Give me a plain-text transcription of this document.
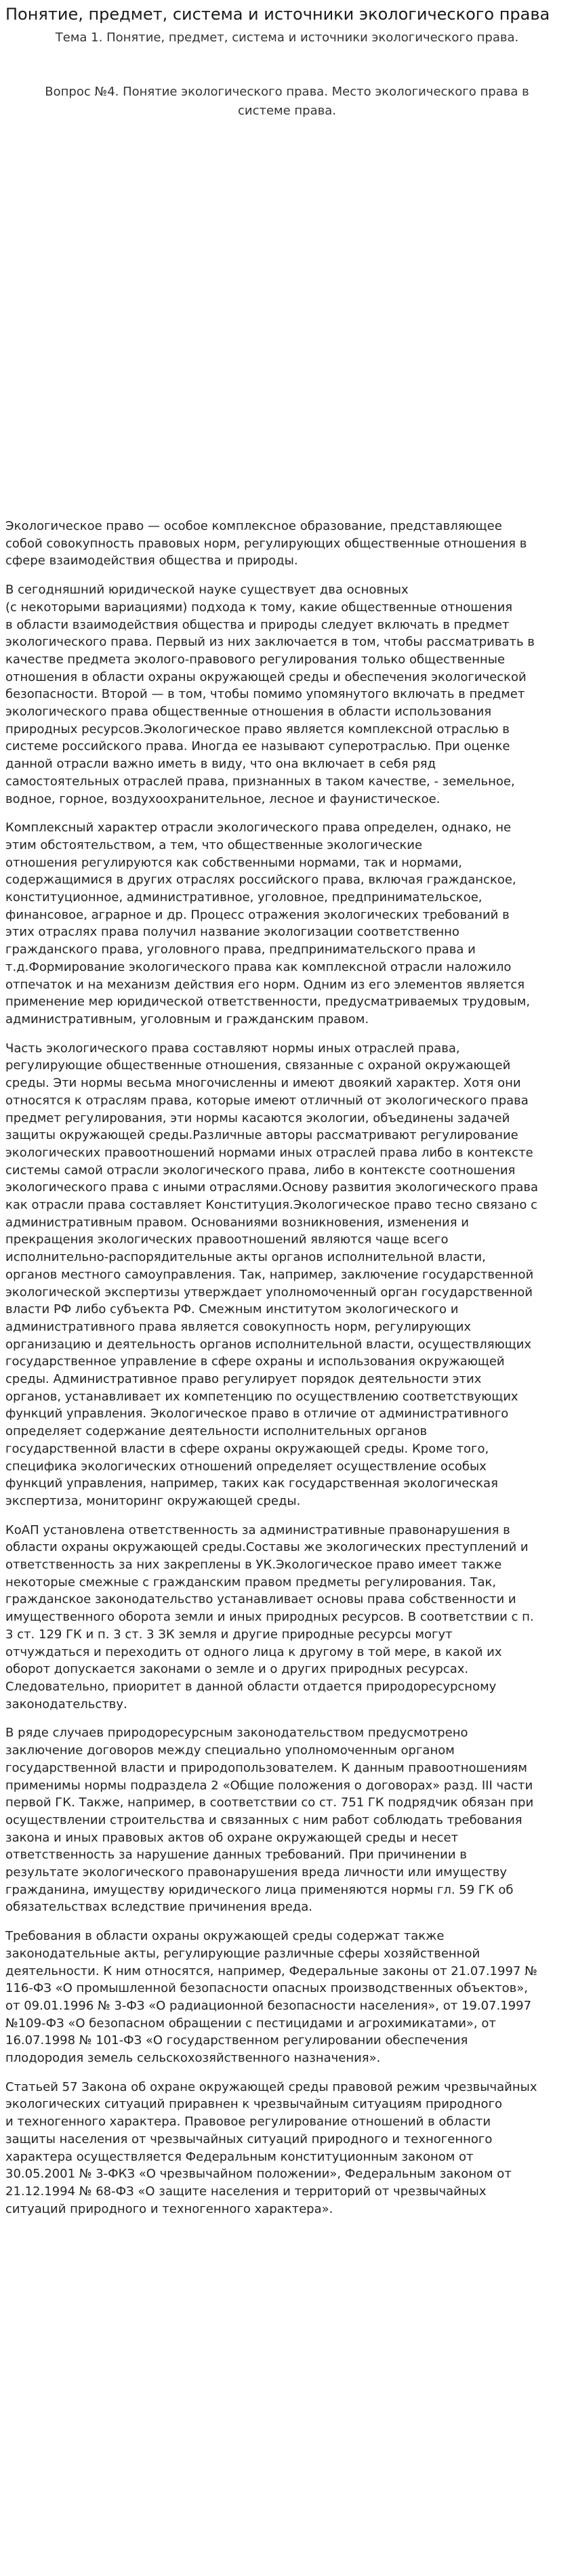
Понятие, предмет, система и источники экологического права
Тема 1. Понятие, предмет, система и источники экологического права.
Вопрос №4. Понятие экологического права. Место экологического права в системе права.

Экологическое право — особое комплексное образование, представляющее
собой совокупность правовых норм, регулирующих общественные отношения в
сфере взаимодействия общества и природы.

В сегодняшний юридической науке существует два основных
(с некоторыми вариациями) подхода к тому, какие общественные отношения
в области взаимодействия общества и природы следует включать в предмет
экологического права. Первый из них заключается в том, чтобы рассматривать в
качестве предмета эколого-правового регулирования только общественные
отношения в области охраны окружающей среды и обеспечения экологической
безопасности. Второй — в том, чтобы помимо упомянутого включать в предмет
экологического права общественные отношения в области использования
природных ресурсов.Экологическое право является комплексной отраслью в
системе российского права. Иногда ее называют суперотраслью. При оценке
данной отрасли важно иметь в виду, что она включает в себя ряд
самостоятельных отраслей права, признанных в таком качестве, - земельное,
водное, горное, воздухоохранительное, лесное и фаунистическое.

Комплексный характер отрасли экологического права определен, однако, не
этим обстоятельством, а тем, что общественные экологические
отношения регулируются как собственными нормами, так и нормами,
содержащимися в других отраслях российского права, включая гражданское,
конституционное, административное, уголовное, предпринимательское,
финансовое, аграрное и др. Процесс отражения экологических требований в
этих отраслях права получил название экологизации соответственно
гражданского права, уголовного права, предпринимательского права и
т.д.Формирование экологического права как комплексной отрасли наложило
отпечаток и на механизм действия его норм. Одним из его элементов является
применение мер юридической ответственности, предусматриваемых трудовым,
административным, уголовным и гражданским правом.

Часть экологического права составляют нормы иных отраслей права,
регулирующие общественные отношения, связанные с охраной окружающей
среды. Эти нормы весьма многочисленны и имеют двоякий характер. Хотя они
относятся к отраслям права, которые имеют отличный от экологического права
предмет регулирования, эти нормы касаются экологии, объединены задачей
защиты окружающей среды.Различные авторы рассматривают регулирование
экологических правоотношений нормами иных отраслей права либо в контексте
системы самой отрасли экологического права, либо в контексте соотношения
экологического права с иными отраслями.Основу развития экологического права
как отрасли права составляет Конституция.Экологическое право тесно связано с
административным правом. Основаниями возникновения, изменения и
прекращения экологических правоотношений являются чаще всего
исполнительно-распорядительные акты органов исполнительной власти,
органов местного самоуправления. Так, например, заключение государственной
экологической экспертизы утверждает уполномоченный орган государственной
власти РФ либо субъекта РФ. Смежным институтом экологического и
административного права является совокупность норм, регулирующих
организацию и деятельность органов исполнительной власти, осуществляющих
государственное управление в сфере охраны и использования окружающей
среды. Административное право регулирует порядок деятельности этих
органов, устанавливает их компетенцию по осуществлению соответствующих
функций управления. Экологическое право в отличие от административного
определяет содержание деятельности исполнительных органов
государственной власти в сфере охраны окружающей среды. Кроме того,
специфика экологических отношений определяет осуществление особых
функций управления, например, таких как государственная экологическая
экспертиза, мониторинг окружающей среды.

КоАП установлена ответственность за административные правонарушения в
области охраны окружающей среды.Составы же экологических преступлений и
ответственность за них закреплены в УК.Экологическое право имеет также
некоторые смежные с гражданским правом предметы регулирования. Так,
гражданское законодательство устанавливает основы права собственности и
имущественного оборота земли и иных природных ресурсов. В соответствии с п.
3 ст. 129 ГК и п. 3 ст. 3 ЗК земля и другие природные ресурсы могут
отчуждаться и переходить от одного лица к другому в той мере, в какой их
оборот допускается законами о земле и о других природных ресурсах.
Следовательно, приоритет в данной области отдается природоресурсному
законодательству.

В ряде случаев природоресурсным законодательством предусмотрено
заключение договоров между специально уполномоченным органом
государственной власти и природопользователем. К данным правоотношениям
применимы нормы подраздела 2 «Общие положения о договорах» разд. III части
первой ГК. Также, например, в соответствии со ст. 751 ГК подрядчик обязан при
осуществлении строительства и связанных с ним работ соблюдать требования
закона и иных правовых актов об охране окружающей среды и несет
ответственность за нарушение данных требований. При причинении в
результате экологического правонарушения вреда личности или имуществу
гражданина, имуществу юридического лица применяются нормы гл. 59 ГК об
обязательствах вследствие причинения вреда.

Требования в области охраны окружающей среды содержат также
законодательные акты, регулирующие различные сферы хозяйственной
деятельности. К ним относятся, например, Федеральные законы от 21.07.1997 №
116-ФЗ «О промышленной безопасности опасных производственных объектов»,
от 09.01.1996 № 3-ФЗ «О радиационной безопасности населения», от 19.07.1997
№109-ФЗ «О безопасном обращении с пестицидами и агрохимикатами», от
16.07.1998 № 101-ФЗ «О государственном регулировании обеспечения
плодородия земель сельскохозяйственного назначения».

Статьей 57 Закона об охране окружающей среды правовой режим чрезвычайных
экологических ситуаций приравнен к чрезвычайным ситуациям природного
и техногенного характера. Правовое регулирование отношений в области
защиты населения от чрезвычайных ситуаций природного и техногенного
характера осуществляется Федеральным конституционным законом от
30.05.2001 № 3-ФКЗ «О чрезвычайном положении», Федеральным законом от
21.12.1994 № 68-ФЗ «О защите населения и территорий от чрезвычайных
ситуаций природного и техногенного характера».
